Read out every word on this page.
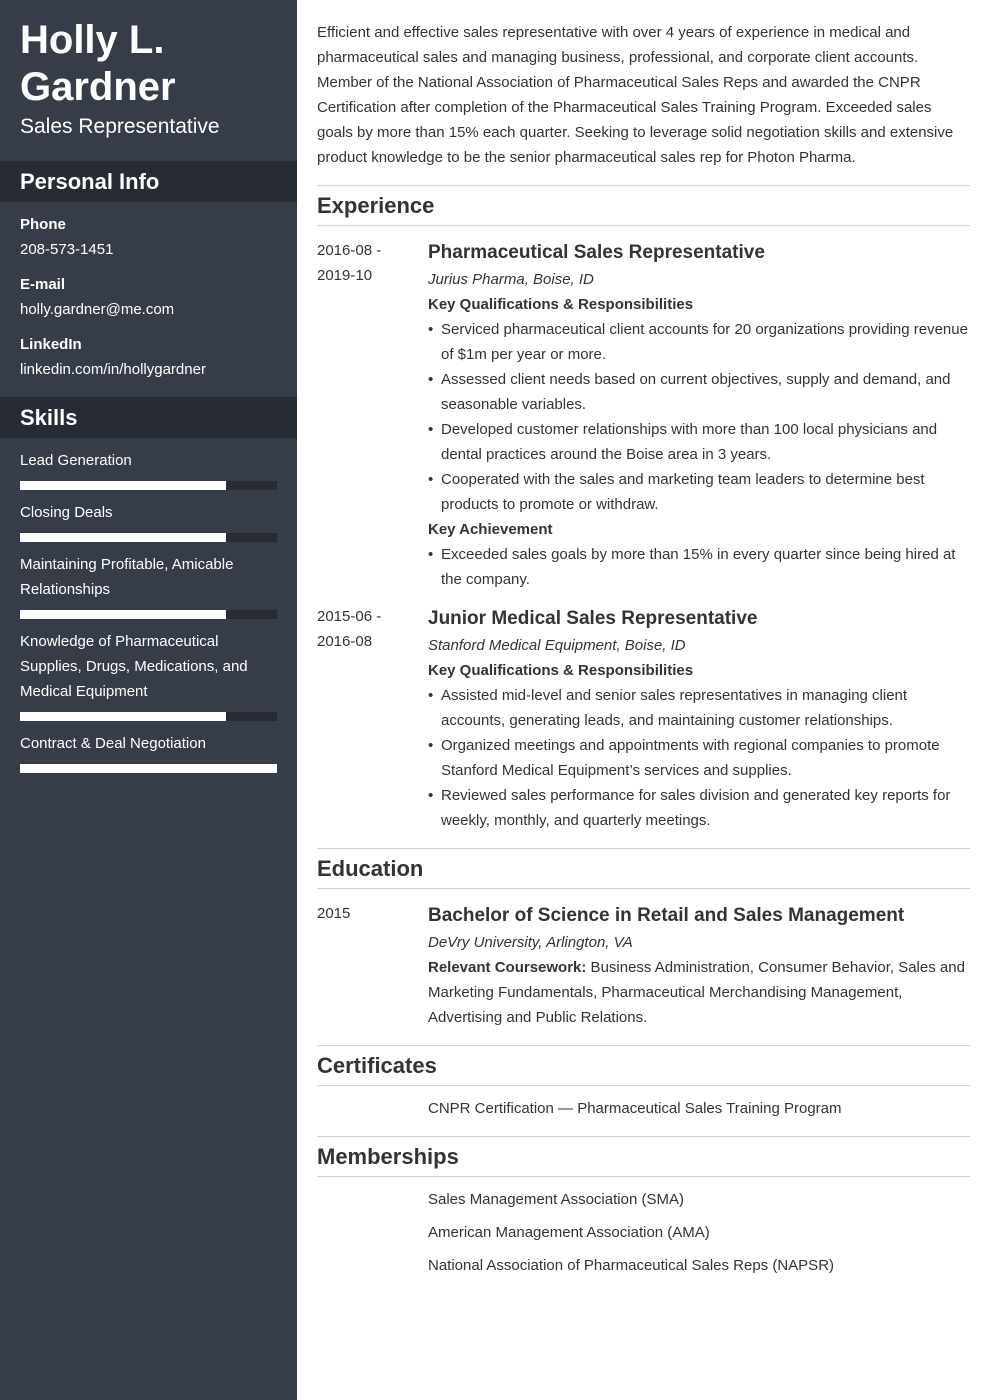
Holly L.
Gardner
Sales Representative
Personal Info
Phone
208-573-1451
E-mail
holly.gardner@me.com
LinkedIn
linkedin.com/in/hollygardner
Skills
Lead Generation
Closing Deals
Maintaining Profitable, Amicable Relationships
Knowledge of Pharmaceutical Supplies, Drugs, Medications, and Medical Equipment
Contract & Deal Negotiation

Efficient and effective sales representative with over 4 years of experience in medical and pharmaceutical sales and managing business, professional, and corporate client accounts. Member of the National Association of Pharmaceutical Sales Reps and awarded the CNPR Certification after completion of the Pharmaceutical Sales Training Program. Exceeded sales goals by more than 15% each quarter. Seeking to leverage solid negotiation skills and extensive product knowledge to be the senior pharmaceutical sales rep for Photon Pharma.

Experience
2016-08 -
2019-10
Pharmaceutical Sales Representative
Jurius Pharma, Boise, ID
Key Qualifications & Responsibilities
• Serviced pharmaceutical client accounts for 20 organizations providing revenue of $1m per year or more.
• Assessed client needs based on current objectives, supply and demand, and seasonable variables.
• Developed customer relationships with more than 100 local physicians and dental practices around the Boise area in 3 years.
• Cooperated with the sales and marketing team leaders to determine best products to promote or withdraw.
Key Achievement
• Exceeded sales goals by more than 15% in every quarter since being hired at the company.
2015-06 -
2016-08
Junior Medical Sales Representative
Stanford Medical Equipment, Boise, ID
Key Qualifications & Responsibilities
• Assisted mid-level and senior sales representatives in managing client accounts, generating leads, and maintaining customer relationships.
• Organized meetings and appointments with regional companies to promote Stanford Medical Equipment’s services and supplies.
• Reviewed sales performance for sales division and generated key reports for weekly, monthly, and quarterly meetings.
Education
2015	Bachelor of Science in Retail and Sales Management
DeVry University, Arlington, VA
Relevant Coursework: Business Administration, Consumer Behavior, Sales and Marketing Fundamentals, Pharmaceutical Merchandising Management, Advertising and Public Relations.
Certificates
CNPR Certification — Pharmaceutical Sales Training Program
Memberships
Sales Management Association (SMA)
American Management Association (AMA)
National Association of Pharmaceutical Sales Reps (NAPSR)
